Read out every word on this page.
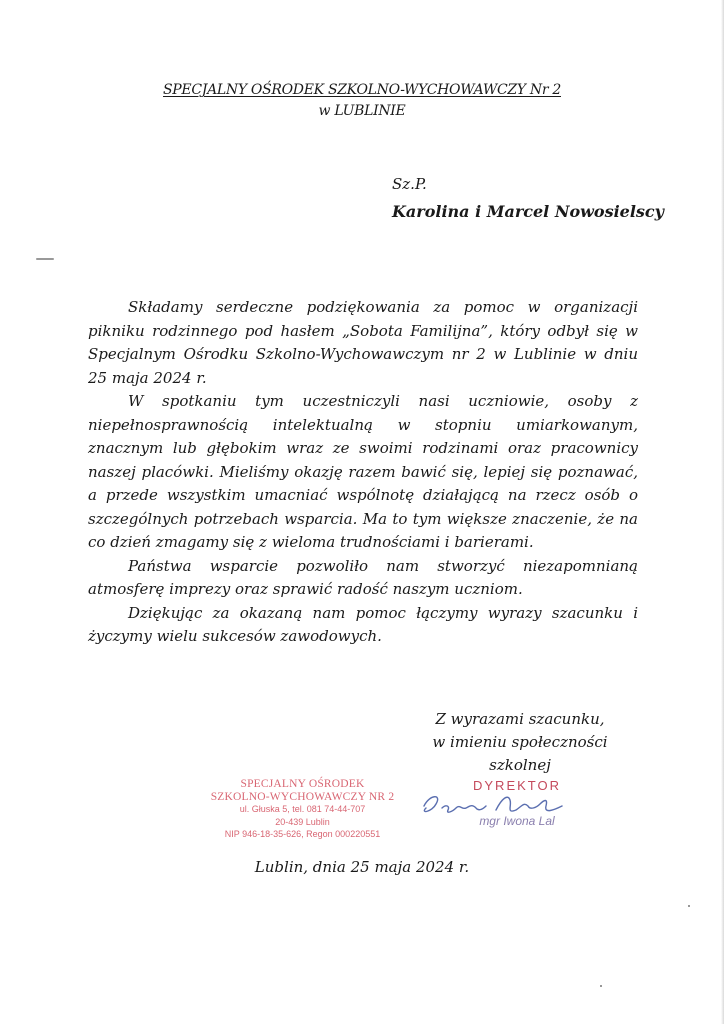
SPECJALNY OŚRODEK SZKOLNO-WYCHOWAWCZY Nr 2
w LUBLINIE
Sz.P.
Karolina i Marcel Nowosielscy

Składamy serdeczne podziękowania za pomoc w organizacji pikniku rodzinnego pod hasłem „Sobota Familijna”, który odbył się w Specjalnym Ośrodku Szkolno-Wychowawczym nr 2 w Lublinie w dniu 25 maja 2024 r.

W spotkaniu tym uczestniczyli nasi uczniowie, osoby z niepełnosprawnością intelektualną w stopniu umiarkowanym, znacznym lub głębokim wraz ze swoimi rodzinami oraz pracownicy naszej placówki. Mieliśmy okazję razem bawić się, lepiej się poznawać, a przede wszystkim umacniać wspólnotę działającą na rzecz osób o szczególnych potrzebach wsparcia. Ma to tym większe znaczenie, że na co dzień zmagamy się z wieloma trudnościami i barierami.

Państwa wsparcie pozwoliło nam stworzyć niezapomnianą atmosferę imprezy oraz sprawić radość naszym uczniom.

Dziękując za okazaną nam pomoc łączymy wyrazy szacunku i życzymy wielu sukcesów zawodowych.

Z wyrazami szacunku,
w imieniu społeczności szkolnej
SPECJALNY OŚRODEK
SZKOLNO-WYCHOWAWCZY NR 2
ul. Głuska 5, tel. 081 74-44-707
20-439 Lublin
NIP 946-18-35-626, Regon 000220551
DYREKTOR
mgr Iwona Lal
Lublin, dnia 25 maja 2024 r.
